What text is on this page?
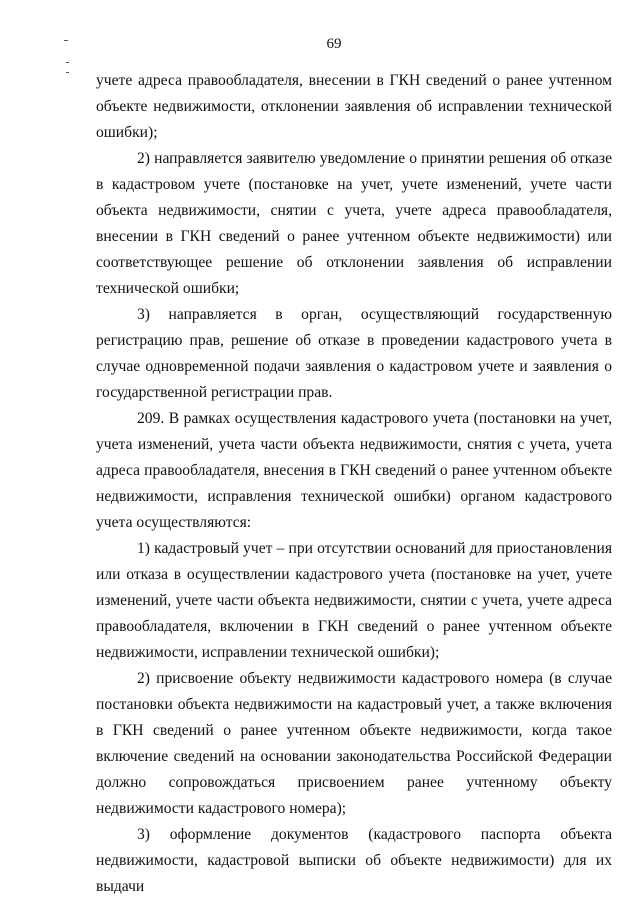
69

учете адреса правообладателя, внесении в ГКН сведений о ранее учтенном объекте недвижимости, отклонении заявления об исправлении технической ошибки);

2) направляется заявителю уведомление о принятии решения об отказе в кадастровом учете (постановке на учет, учете изменений, учете части объекта недвижимости, снятии с учета, учете адреса правообладателя, внесении в ГКН сведений о ранее учтенном объекте недвижимости) или соответствующее решение об отклонении заявления об исправлении технической ошибки;

3) направляется в орган, осуществляющий государственную регистрацию прав, решение об отказе в проведении кадастрового учета в случае одновременной подачи заявления о кадастровом учете и заявления о государственной регистрации прав.

209. В рамках осуществления кадастрового учета (постановки на учет, учета изменений, учета части объекта недвижимости, снятия с учета, учета адреса правообладателя, внесения в ГКН сведений о ранее учтенном объекте недвижимости, исправления технической ошибки) органом кадастрового учета осуществляются:

1) кадастровый учет – при отсутствии оснований для приостановления или отказа в осуществлении кадастрового учета (постановке на учет, учете изменений, учете части объекта недвижимости, снятии с учета, учете адреса правообладателя, включении в ГКН сведений о ранее учтенном объекте недвижимости, исправлении технической ошибки);

2) присвоение объекту недвижимости кадастрового номера (в случае постановки объекта недвижимости на кадастровый учет, а также включения в ГКН сведений о ранее учтенном объекте недвижимости, когда такое включение сведений на основании законодательства Российской Федерации должно сопровождаться присвоением ранее учтенному объекту недвижимости кадастрового номера);

3) оформление документов (кадастрового паспорта объекта недвижимости, кадастровой выписки об объекте недвижимости) для их выдачи
